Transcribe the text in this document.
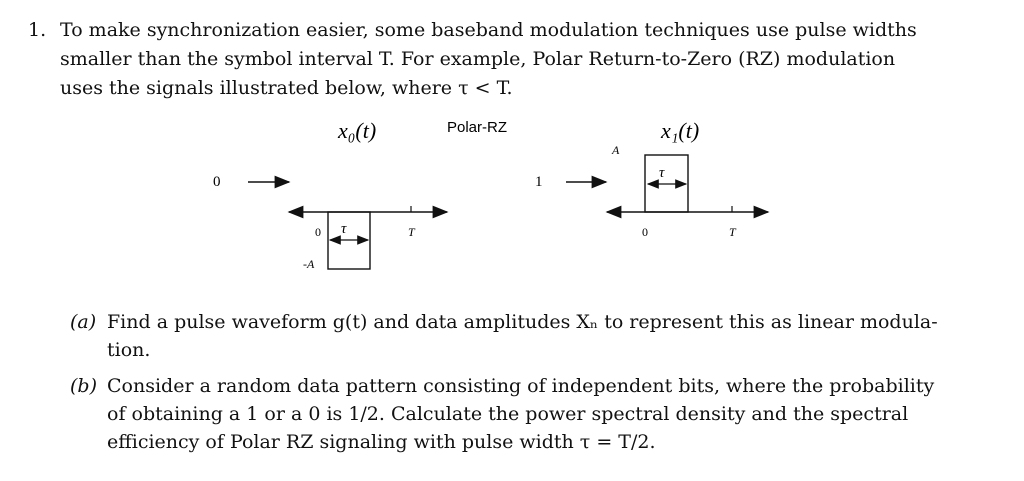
1. To make synchronization easier, some baseband modulation techniques use pulse widths
smaller than the symbol interval T. For example, Polar Return-to-Zero (RZ) modulation
uses the signals illustrated below, where τ < T.
Polar-RZ
x₀(t)
0
τ
0	T
-A
x₁(t)
1
τ
A
0	T
(a) Find a pulse waveform g(t) and data amplitudes Xₙ to represent this as linear modula-
tion.
(b) Consider a random data pattern consisting of independent bits, where the probability
of obtaining a 1 or a 0 is 1/2. Calculate the power spectral density and the spectral
efficiency of Polar RZ signaling with pulse width τ = T/2.
